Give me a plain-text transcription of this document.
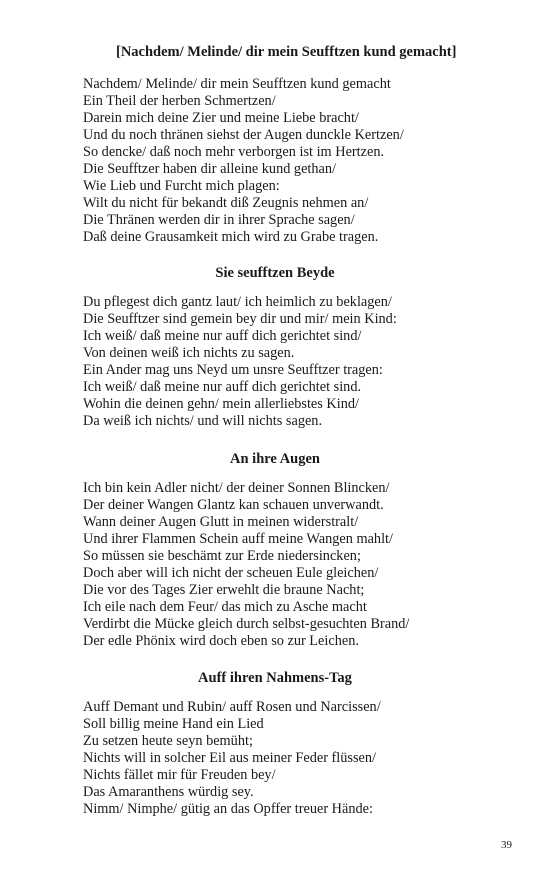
[Nachdem/ Melinde/ dir mein Seufftzen kund gemacht]
Nachdem/ Melinde/ dir mein Seufftzen kund gemacht
Ein Theil der herben Schmertzen/
Darein mich deine Zier und meine Liebe bracht/
Und du noch thränen siehst der Augen dunckle Kertzen/
So dencke/ daß noch mehr verborgen ist im Hertzen.
Die Seufftzer haben dir alleine kund gethan/
Wie Lieb und Furcht mich plagen:
Wilt du nicht für bekandt diß Zeugnis nehmen an/
Die Thränen werden dir in ihrer Sprache sagen/
Daß deine Grausamkeit mich wird zu Grabe tragen.
Sie seufftzen Beyde
Du pflegest dich gantz laut/ ich heimlich zu beklagen/
Die Seufftzer sind gemein bey dir und mir/ mein Kind:
Ich weiß/ daß meine nur auff dich gerichtet sind/
Von deinen weiß ich nichts zu sagen.
Ein Ander mag uns Neyd um unsre Seufftzer tragen:
Ich weiß/ daß meine nur auff dich gerichtet sind.
Wohin die deinen gehn/ mein allerliebstes Kind/
Da weiß ich nichts/ und will nichts sagen.
An ihre Augen
Ich bin kein Adler nicht/ der deiner Sonnen Blincken/
Der deiner Wangen Glantz kan schauen unverwandt.
Wann deiner Augen Glutt in meinen widerstralt/
Und ihrer Flammen Schein auff meine Wangen mahlt/
So müssen sie beschämt zur Erde niedersincken;
Doch aber will ich nicht der scheuen Eule gleichen/
Die vor des Tages Zier erwehlt die braune Nacht;
Ich eile nach dem Feur/ das mich zu Asche macht
Verdirbt die Mücke gleich durch selbst-gesuchten Brand/
Der edle Phönix wird doch eben so zur Leichen.
Auff ihren Nahmens-Tag
Auff Demant und Rubin/ auff Rosen und Narcissen/
Soll billig meine Hand ein Lied
Zu setzen heute seyn bemüht;
Nichts will in solcher Eil aus meiner Feder flüssen/
Nichts fället mir für Freuden bey/
Das Amaranthens würdig sey.
Nimm/ Nimphe/ gütig an das Opffer treuer Hände:
39
